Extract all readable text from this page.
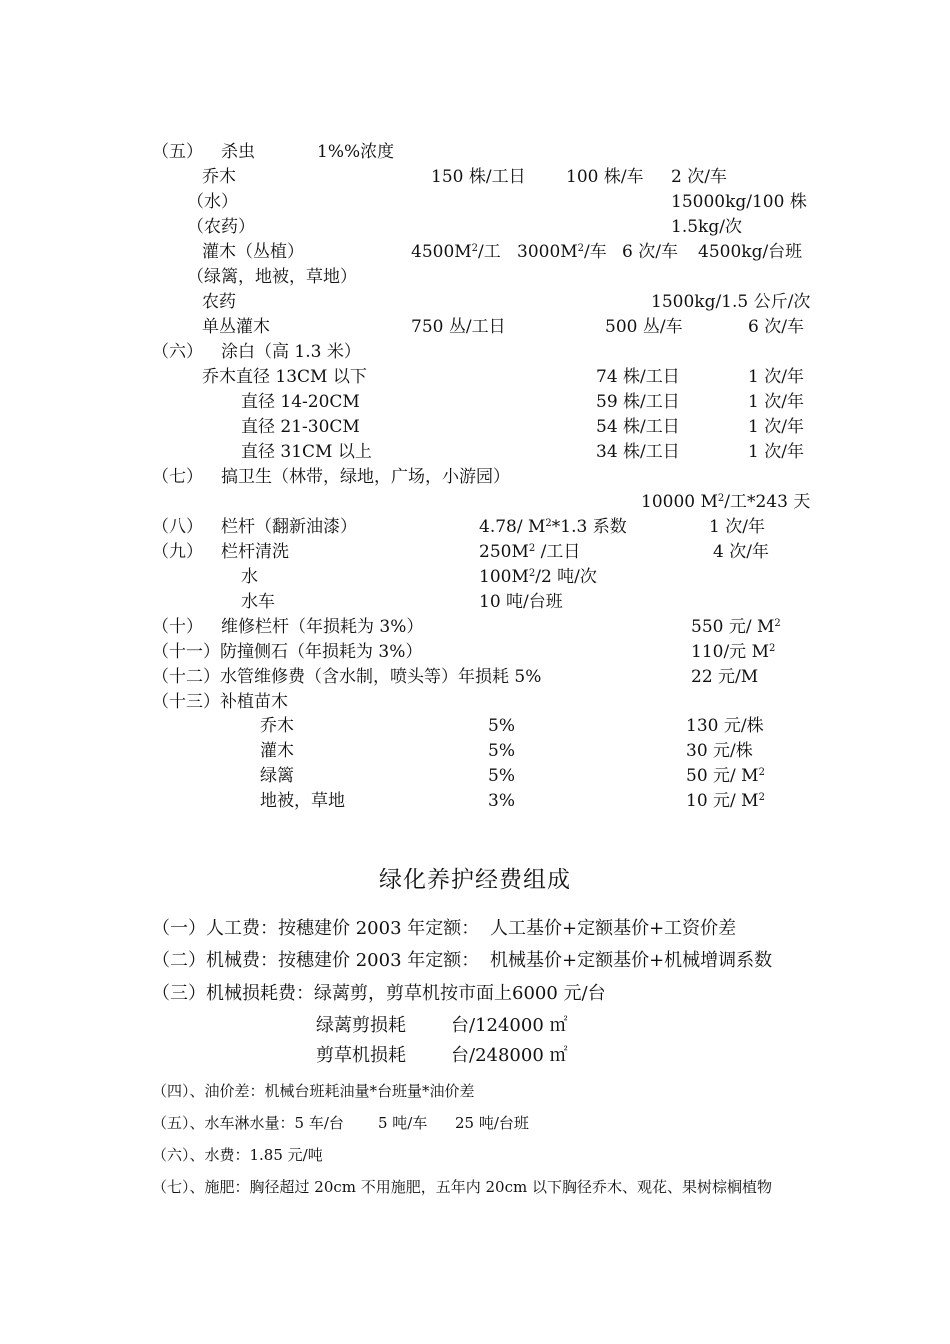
（五） 杀虫	1%%浓度
乔木	150 株/工日 100 株/车 2 次/车
（水）	15000kg/100 株
（农药）	1.5kg/次
灌木（丛植）	$4500M^2/$工 $3000M^2/$车 6 次/车 4500kg/台班
（绿篱，地被，草地）
农药	1500kg/1.5 公斤/次
单丛灌木	750 丛/工日	500 丛/车	6 次/车
（六） 涂白（高 1.3 米）
乔木直径 13CM 以下	74 株/工日	1 次/年
直径 14-20CM	59 株/工日	1 次/年
直径 21-30CM	54 株/工日	1 次/年
直径 31CM 以上	34 株/工日	1 次/年
（七） 搞卫生（林带，绿地，广场，小游园）
10000 $M^2/$工*243 天
（八） 栏杆（翻新油漆）	4.78/ $M^2*1.3$ 系数	1 次/年
（九） 栏杆清洗	$250M^2$ /工日	4 次/年
水	$100M^2/2$ 吨/次
水车	10 吨/台班
（十） 维修栏杆（年损耗为 3%）	550 元/ $M^2$
（十一）防撞侧石（年损耗为 3%）	110/元 $M^2$
（十二）水管维修费（含水制，喷头等）年损耗 5%	22 元/M
（十三）补植苗木
乔木	5%	130 元/株
灌木	5%	30 元/株
绿篱	5%	50 元/ $M^2$
地被，草地	3%	10 元/ $M^2$
绿化养护经费组成
（一）人工费：按穗建价 2003 年定额： 人工基价+定额基价+工资价差
（二）机械费：按穗建价 2003 年定额： 机械基价+定额基价+机械增调系数
（三）机械损耗费：绿蓠剪，剪草机按市面上6000 元/台
绿蓠剪损耗	台/124000 ㎡
剪草机损耗	台/248000 ㎡
（四）、油价差：机械台班耗油量*台班量*油价差
（五）、水车淋水量：5 车/台 5 吨/车 25 吨/台班
（六）、水费：1.85 元/吨
（七）、施肥：胸径超过 20cm 不用施肥，五年内 20cm 以下胸径乔木、观花、果树棕榈植物
